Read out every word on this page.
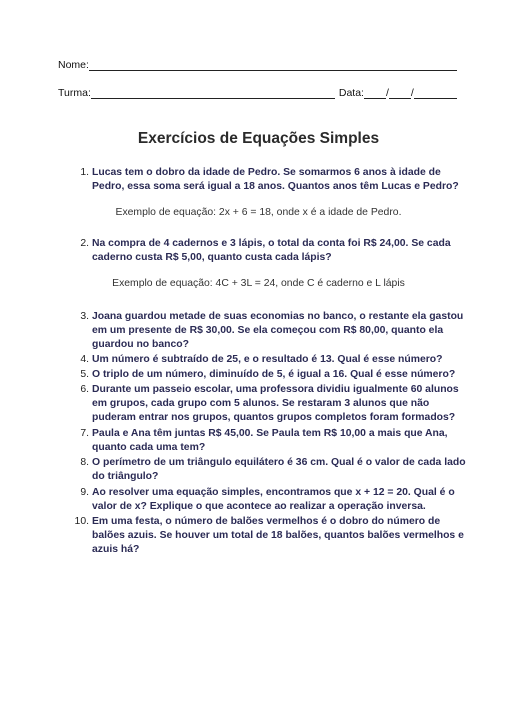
Nome:
Turma:	Data: / /
Exercícios de Equações Simples
1. Lucas tem o dobro da idade de Pedro. Se somarmos 6 anos à idade de Pedro, essa soma será igual a 18 anos. Quantos anos têm Lucas e Pedro?
Exemplo de equação: 2x + 6 = 18, onde x é a idade de Pedro.
2. Na compra de 4 cadernos e 3 lápis, o total da conta foi R$ 24,00. Se cada caderno custa R$ 5,00, quanto custa cada lápis?
Exemplo de equação: 4C + 3L = 24, onde C é caderno e L lápis
3. Joana guardou metade de suas economias no banco, o restante ela gastou em um presente de R$ 30,00. Se ela começou com R$ 80,00, quanto ela guardou no banco?
4. Um número é subtraído de 25, e o resultado é 13. Qual é esse número?
5. O triplo de um número, diminuído de 5, é igual a 16. Qual é esse número?
6. Durante um passeio escolar, uma professora dividiu igualmente 60 alunos em grupos, cada grupo com 5 alunos. Se restaram 3 alunos que não puderam entrar nos grupos, quantos grupos completos foram formados?
7. Paula e Ana têm juntas R$ 45,00. Se Paula tem R$ 10,00 a mais que Ana, quanto cada uma tem?
8. O perímetro de um triângulo equilátero é 36 cm. Qual é o valor de cada lado do triângulo?
9. Ao resolver uma equação simples, encontramos que x + 12 = 20. Qual é o valor de x? Explique o que acontece ao realizar a operação inversa.
10. Em uma festa, o número de balões vermelhos é o dobro do número de balões azuis. Se houver um total de 18 balões, quantos balões vermelhos e azuis há?
